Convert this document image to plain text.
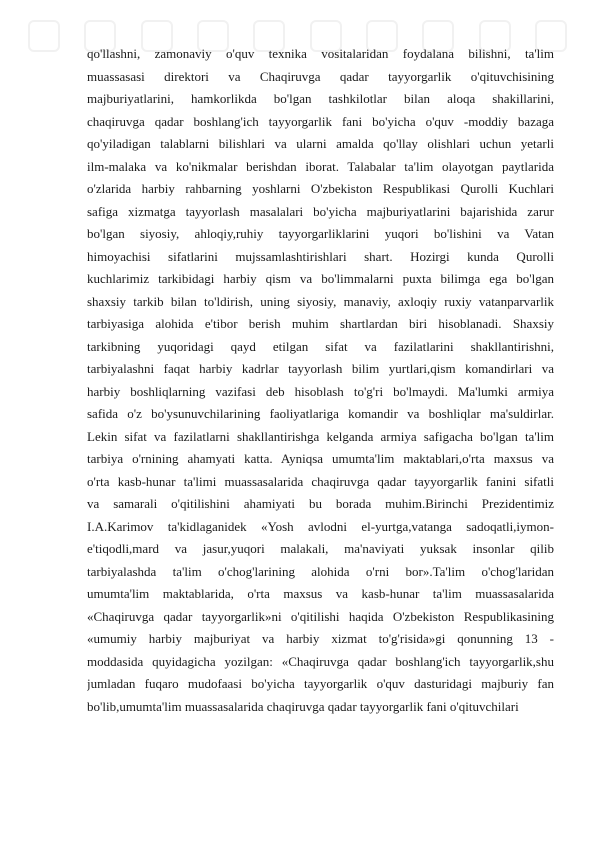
qo'llashni, zamonaviy o'quv texnika vositalaridan foydalana bilishni, ta'lim
muassasasi direktori va Chaqiruvga qadar tayyorgarlik o'qituvchisining
majburiyatlarini, hamkorlikda bo'lgan tashkilotlar bilan aloqa shakillarini,
chaqiruvga qadar boshlang'ich tayyorgarlik fani bo'yicha o'quv -moddiy bazaga
qo'yiladigan talablarni bilishlari va ularni amalda qo'llay olishlari uchun yetarli
ilm-malaka va ko'nikmalar berishdan iborat. Talabalar ta'lim olayotgan paytlarida
o'zlarida harbiy rahbarning yoshlarni O'zbekiston Respublikasi Qurolli Kuchlari
safiga xizmatga tayyorlash masalalari bo'yicha majburiyatlarini bajarishida zarur
bo'lgan siyosiy, ahloqiy,ruhiy tayyorgarliklarini yuqori bo'lishini va Vatan
himoyachisi sifatlarini mujssamlashtirishlari shart. Hozirgi kunda Qurolli
kuchlarimiz tarkibidagi harbiy qism va bo'limmalarni puxta bilimga ega bo'lgan
shaxsiy tarkib bilan to'ldirish, uning siyosiy, manaviy, axloqiy ruxiy vatanparvarlik
tarbiyasiga alohida e'tibor berish muhim shartlardan biri hisoblanadi. Shaxsiy
tarkibning yuqoridagi qayd etilgan sifat va fazilatlarini shakllantirishni,
tarbiyalashni faqat harbiy kadrlar tayyorlash bilim yurtlari,qism komandirlari va
harbiy boshliqlarning vazifasi deb hisoblash to'g'ri bo'lmaydi. Ma'lumki armiya
safida o'z bo'ysunuvchilarining faoliyatlariga komandir va boshliqlar ma'suldirlar.
Lekin sifat va fazilatlarni shakllantirishga kelganda armiya safigacha bo'lgan ta'lim
tarbiya o'rnining ahamyati katta. Ayniqsa umumta'lim maktablari,o'rta maxsus va
o'rta kasb-hunar ta'limi muassasalarida chaqiruvga qadar tayyorgarlik fanini sifatli
va samarali o'qitilishini ahamiyati bu borada muhim.Birinchi Prezidentimiz
I.A.Karimov ta'kidlaganidek «Yosh avlodni el-yurtga,vatanga sadoqatli,iymon-
e'tiqodli,mard va jasur,yuqori malakali, ma'naviyati yuksak insonlar qilib
tarbiyalashda ta'lim o'chog'larining alohida o'rni bor».Ta'lim o'chog'laridan
umumta'lim maktablarida, o'rta maxsus va kasb-hunar ta'lim muassasalarida
«Chaqiruvga qadar tayyorgarlik»ni o'qitilishi haqida O'zbekiston Respublikasining
«umumiy harbiy majburiyat va harbiy xizmat to'g'risida»gi qonunning 13 -
moddasida quyidagicha yozilgan: «Chaqiruvga qadar boshlang'ich tayyorgarlik,shu
jumladan fuqaro mudofaasi bo'yicha tayyorgarlik o'quv dasturidagi majburiy fan
bo'lib,umumta'lim muassasalarida chaqiruvga qadar tayyorgarlik fani o'qituvchilari
